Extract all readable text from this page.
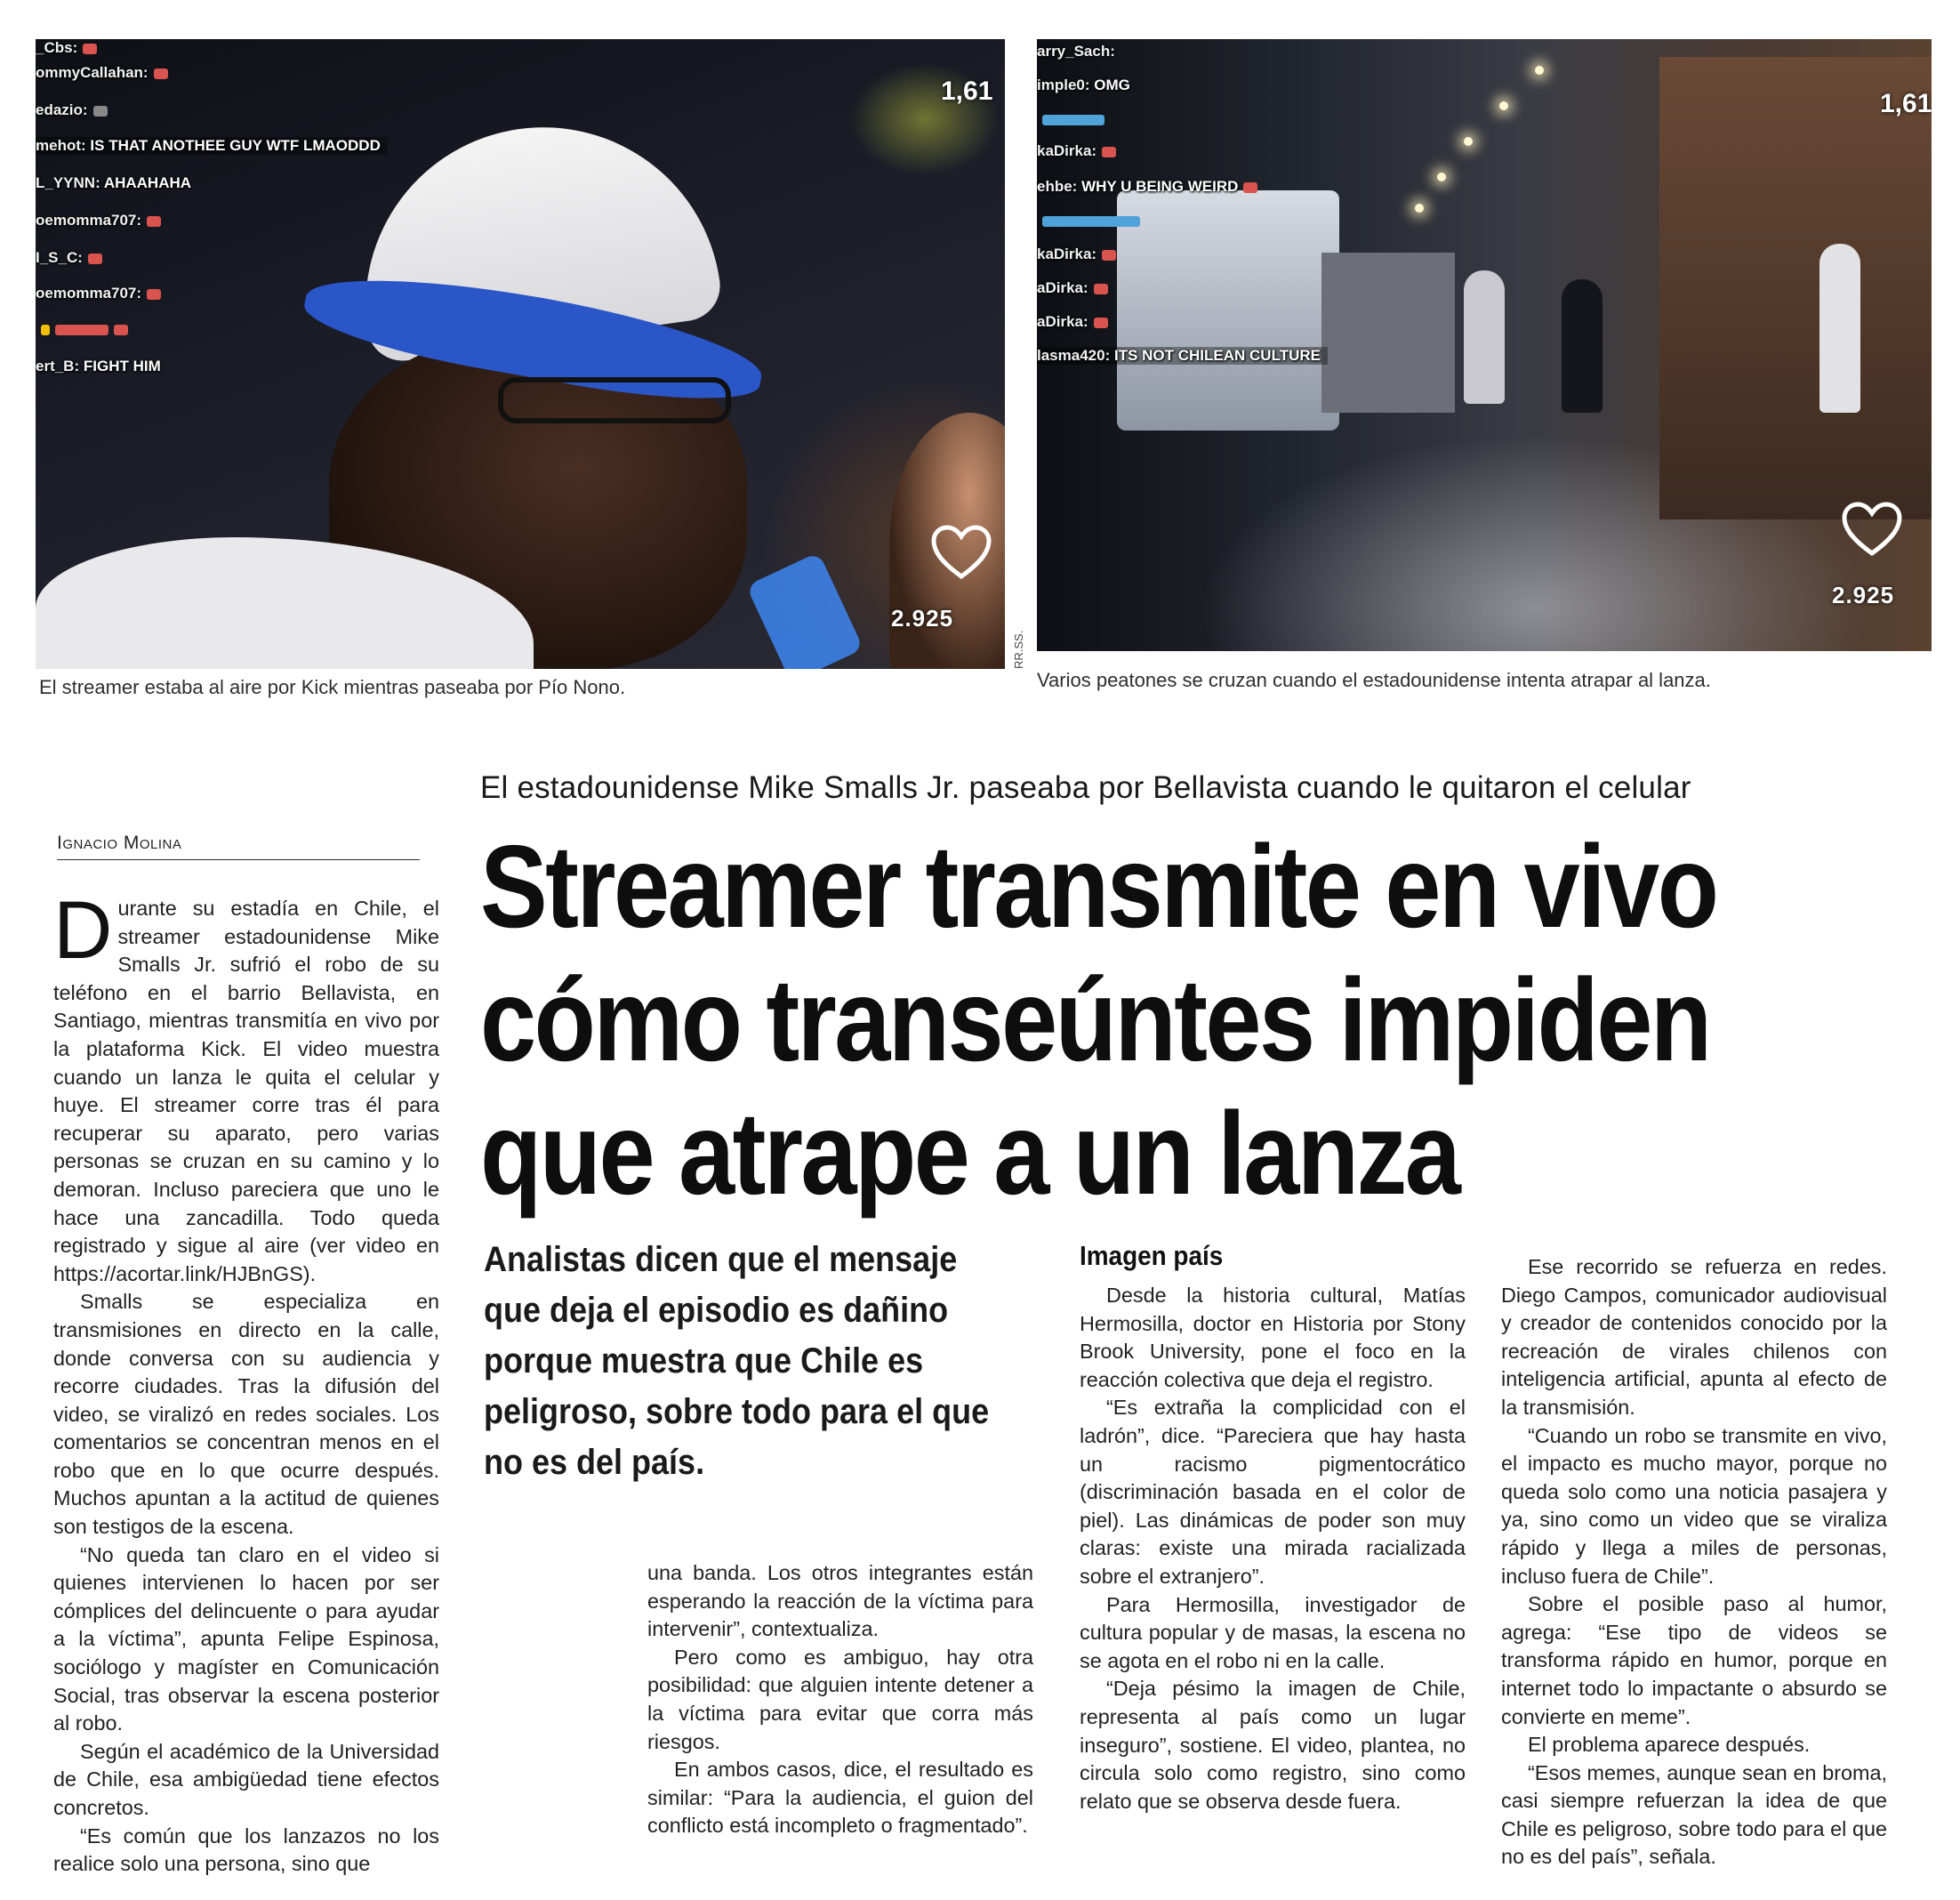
_Cbs:
ommyCallahan:
edazio:
mehot: IS THAT ANOTHEE GUY WTF LMAODDD
L_YYNN: AHAAHAHA
oemomma707:
I_S_C:
oemomma707:
ert_B: FIGHT HIM
1,61
2.925
RR.SS.
arry_Sach:
imple0: OMG
kaDirka:
ehbe: WHY U BEING WEIRD
kaDirka:
aDirka:
aDirka:
lasma420: ITS NOT CHILEAN CULTURE
1,61
2.925
El streamer estaba al aire por Kick mientras paseaba por Pío Nono.	Varios peatones se cruzan cuando el estadounidense intenta atrapar al lanza.
El estadounidense Mike Smalls Jr. paseaba por Bellavista cuando le quitaron el celular
Ignacio Molina	Streamer transmite en vivo
cómo transeúntes impiden
que atrape a un lanza
Analistas dicen que el mensaje que deja el episodio es dañino porque muestra que Chile es peligroso, sobre todo para el que no es del país.

Durante su estadía en Chile, el streamer estadounidense Mike Smalls Jr. sufrió el robo de su teléfono en el barrio Bellavista, en Santiago, mientras transmitía en vivo por la plataforma Kick. El video muestra cuando un lanza le quita el celular y huye. El streamer corre tras él para recuperar su aparato, pero varias personas se cruzan en su camino y lo demoran. Incluso pareciera que uno le hace una zancadilla. Todo queda registrado y sigue al aire (ver video en https://acortar.link/HJBnGS).

Smalls se especializa en transmisiones en directo en la calle, donde conversa con su audiencia y recorre ciudades. Tras la difusión del video, se viralizó en redes sociales. Los comentarios se concentran menos en el robo que en lo que ocurre después. Muchos apuntan a la actitud de quienes son testigos de la escena.

“No queda tan claro en el video si quienes intervienen lo hacen por ser cómplices del delincuente o para ayudar a la víctima”, apunta Felipe Espinosa, sociólogo y magíster en Comunicación Social, tras observar la escena posterior al robo.

Según el académico de la Universidad de Chile, esa ambigüedad tiene efectos concretos.

“Es común que los lanzazos no los realice solo una persona, sino que

una banda. Los otros integrantes están esperando la reacción de la víctima para intervenir”, contextualiza.

Pero como es ambiguo, hay otra posibilidad: que alguien intente detener a la víctima para evitar que corra más riesgos.

En ambos casos, dice, el resultado es similar: “Para la audiencia, el guion del conflicto está incompleto o fragmentado”.

Imagen país

Desde la historia cultural, Matías Hermosilla, doctor en Historia por Stony Brook University, pone el foco en la reacción colectiva que deja el registro.

“Es extraña la complicidad con el ladrón”, dice. “Pareciera que hay hasta un racismo pigmentocrático (discriminación basada en el color de piel). Las dinámicas de poder son muy claras: existe una mirada racializada sobre el extranjero”.

Para Hermosilla, investigador de cultura popular y de masas, la escena no se agota en el robo ni en la calle.

“Deja pésimo la imagen de Chile, representa al país como un lugar inseguro”, sostiene. El video, plantea, no circula solo como registro, sino como relato que se observa desde fuera.

Ese recorrido se refuerza en redes. Diego Campos, comunicador audiovisual y creador de contenidos conocido por la recreación de virales chilenos con inteligencia artificial, apunta al efecto de la transmisión.

“Cuando un robo se transmite en vivo, el impacto es mucho mayor, porque no queda solo como una noticia pasajera y ya, sino como un video que se viraliza rápido y llega a miles de personas, incluso fuera de Chile”.

Sobre el posible paso al humor, agrega: “Ese tipo de videos se transforma rápido en humor, porque en internet todo lo impactante o absurdo se convierte en meme”.

El problema aparece después.

“Esos memes, aunque sean en broma, casi siempre refuerzan la idea de que Chile es peligroso, sobre todo para el que no es del país”, señala.
